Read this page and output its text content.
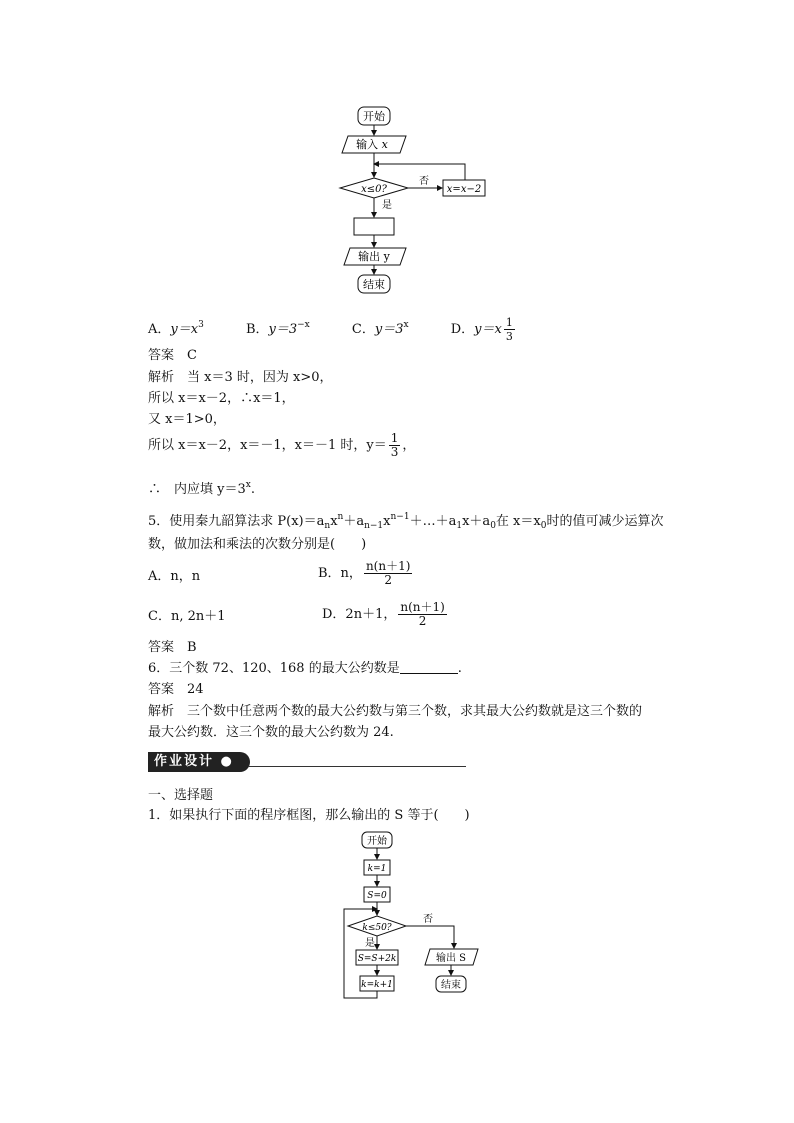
开始
输入 x
x≤0?
否
x=x−2
是
输出 y
结束
A．$y=x^3$	B．$y=3^{-x}$	C．$y=3^x$	D．$y=x \frac{1}{3}$
答案　 C
解析　 当 x＝3 时，因为 x>0，
所以 x＝x－2，∴x＝1，
又 x＝1>0，
所以 x＝x－2，x＝－1，x＝－1 时，$y= \frac{1}{3}$ ，
∴　内应填 $y=3^x$.
5．使用秦九韶算法求 $P(x)=a_nx^n+a_{n-1}x^{n-1}+\dots+a_1x+a_0$在 $x=x_0$时的值可减少运算次
数，做加法和乘法的次数分别是(　　)
A．n，n	B．n， $\frac{n(n+1)}{2}$
C．n, 2n＋1	D．2n＋1， $\frac{n(n+1)}{2}$
答案　 B
6．三个数 72、120、168 的最大公约数是	.
答案　 24
解析　 三个数中任意两个数的最大公约数与第三个数，求其最大公约数就是这三个数的
最大公约数．这三个数的最大公约数为 24.
作业设计 ●
一、选择题
1．如果执行下面的程序框图，那么输出的 S 等于(　　)
开始
k=1
S=0
k≤50?
否
是
S=S+2k
k=k+1
输出 S
结束
